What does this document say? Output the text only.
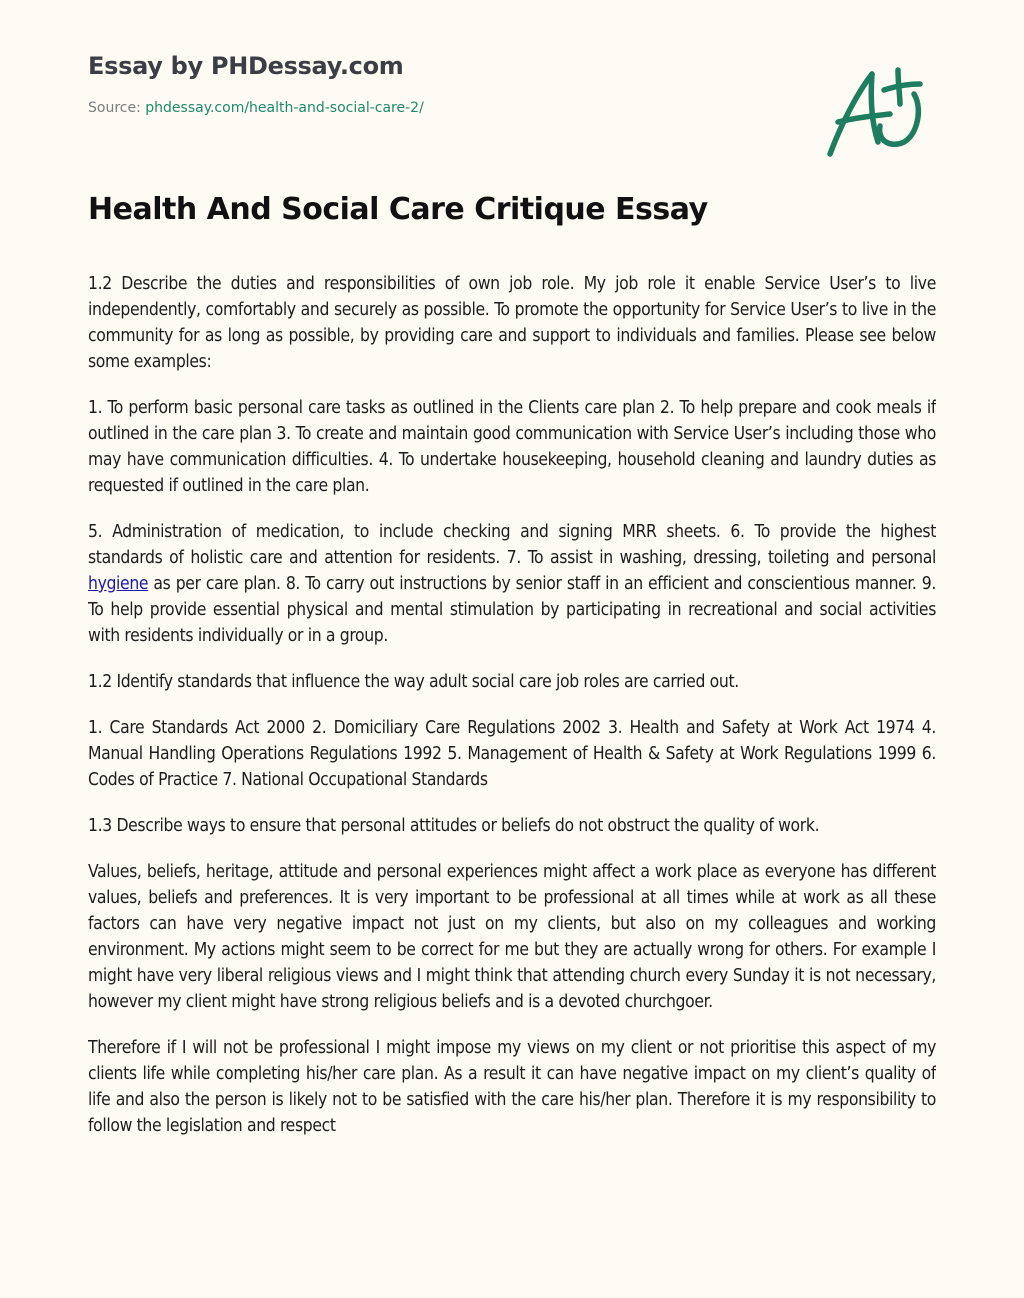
Essay by PHDessay.com
Source: phdessay.com/health-and-social-care-2/
Health And Social Care Critique Essay

1.2 Describe the duties and responsibilities of own job role. My job role it enable Service User’s to live independently, comfortably and securely as possible. To promote the opportunity for Service User’s to live in the community for as long as possible, by providing care and support to individuals and families. Please see below some examples:

1. To perform basic personal care tasks as outlined in the Clients care plan 2. To help prepare and cook meals if outlined in the care plan 3. To create and maintain good communication with Service User’s including those who may have communication difficulties. 4. To undertake housekeeping, household cleaning and laundry duties as requested if outlined in the care plan.

5. Administration of medication, to include checking and signing MRR sheets. 6. To provide the highest standards of holistic care and attention for residents. 7. To assist in washing, dressing, toileting and personal hygiene as per care plan. 8. To carry out instructions by senior staff in an efficient and conscientious manner. 9. To help provide essential physical and mental stimulation by participating in recreational and social activities with residents individually or in a group.

1.2 Identify standards that influence the way adult social care job roles are carried out.

1. Care Standards Act 2000 2. Domiciliary Care Regulations 2002 3. Health and Safety at Work Act 1974 4. Manual Handling Operations Regulations 1992 5. Management of Health & Safety at Work Regulations 1999 6. Codes of Practice 7. National Occupational Standards

1.3 Describe ways to ensure that personal attitudes or beliefs do not obstruct the quality of work.

Values, beliefs, heritage, attitude and personal experiences might affect a work place as everyone has different values, beliefs and preferences. It is very important to be professional at all times while at work as all these factors can have very negative impact not just on my clients, but also on my colleagues and working environment. My actions might seem to be correct for me but they are actually wrong for others. For example I might have very liberal religious views and I might think that attending church every Sunday it is not necessary, however my client might have strong religious beliefs and is a devoted churchgoer.

Therefore if I will not be professional I might impose my views on my client or not prioritise this aspect of my clients life while completing his/her care plan. As a result it can have negative impact on my client’s quality of life and also the person is likely not to be satisfied with the care his/her plan. Therefore it is my responsibility to follow the legislation and respect
